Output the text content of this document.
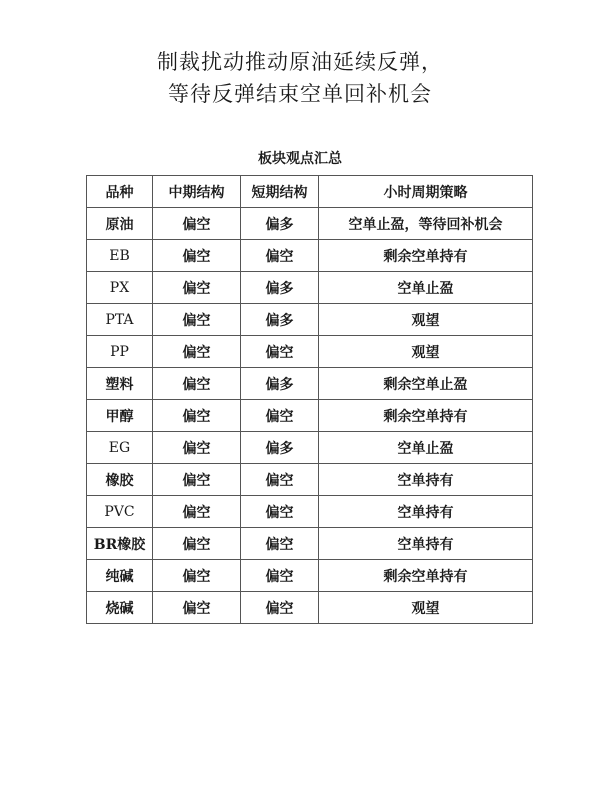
制裁扰动推动原油延续反弹，
等待反弹结束空单回补机会
板块观点汇总
品种	中期结构	短期结构	小时周期策略
原油	偏空	偏多	空单止盈，等待回补机会
EB	偏空	偏空	剩余空单持有
PX	偏空	偏多	空单止盈
PTA	偏空	偏多	观望
PP	偏空	偏空	观望
塑料	偏空	偏多	剩余空单止盈
甲醇	偏空	偏空	剩余空单持有
EG	偏空	偏多	空单止盈
橡胶	偏空	偏空	空单持有
PVC	偏空	偏空	空单持有
BR橡胶	偏空	偏空	空单持有
纯碱	偏空	偏空	剩余空单持有
烧碱	偏空	偏空	观望
